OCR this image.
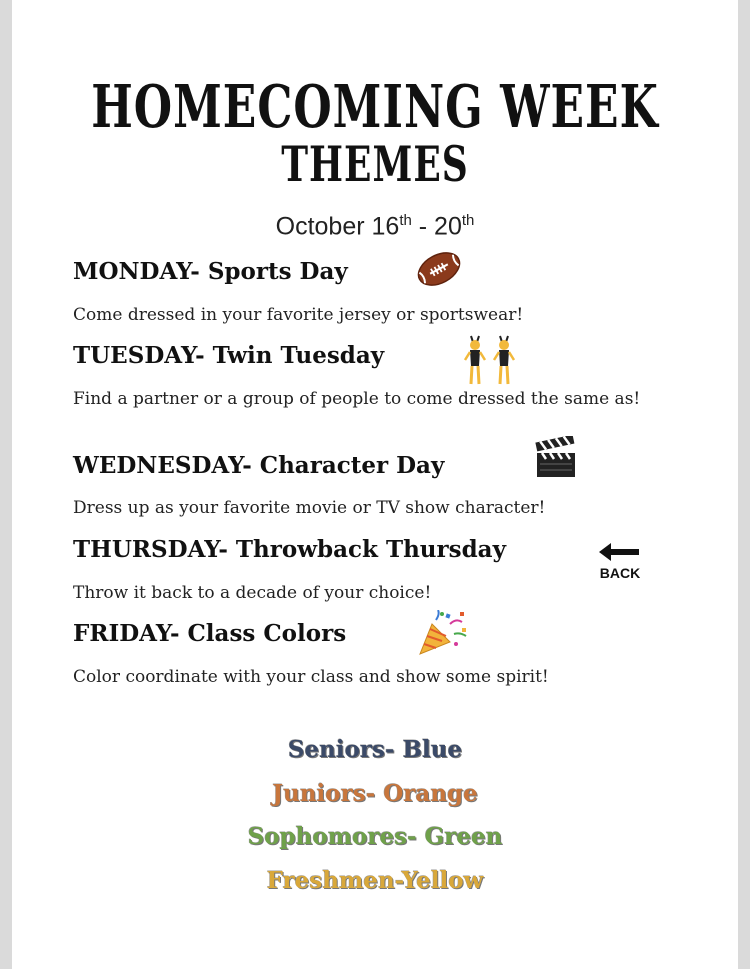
HOMECOMING WEEK
THEMES
October 16th - 20th
MONDAY- Sports Day
Come dressed in your favorite jersey or sportswear!
TUESDAY- Twin Tuesday
Find a partner or a group of people to come dressed the same as!
WEDNESDAY- Character Day
Dress up as your favorite movie or TV show character!
THURSDAY- Throwback Thursday
BACK
Throw it back to a decade of your choice!
FRIDAY- Class Colors
Color coordinate with your class and show some spirit!
Seniors- Blue
Juniors- Orange
Sophomores- Green
Freshmen-Yellow
